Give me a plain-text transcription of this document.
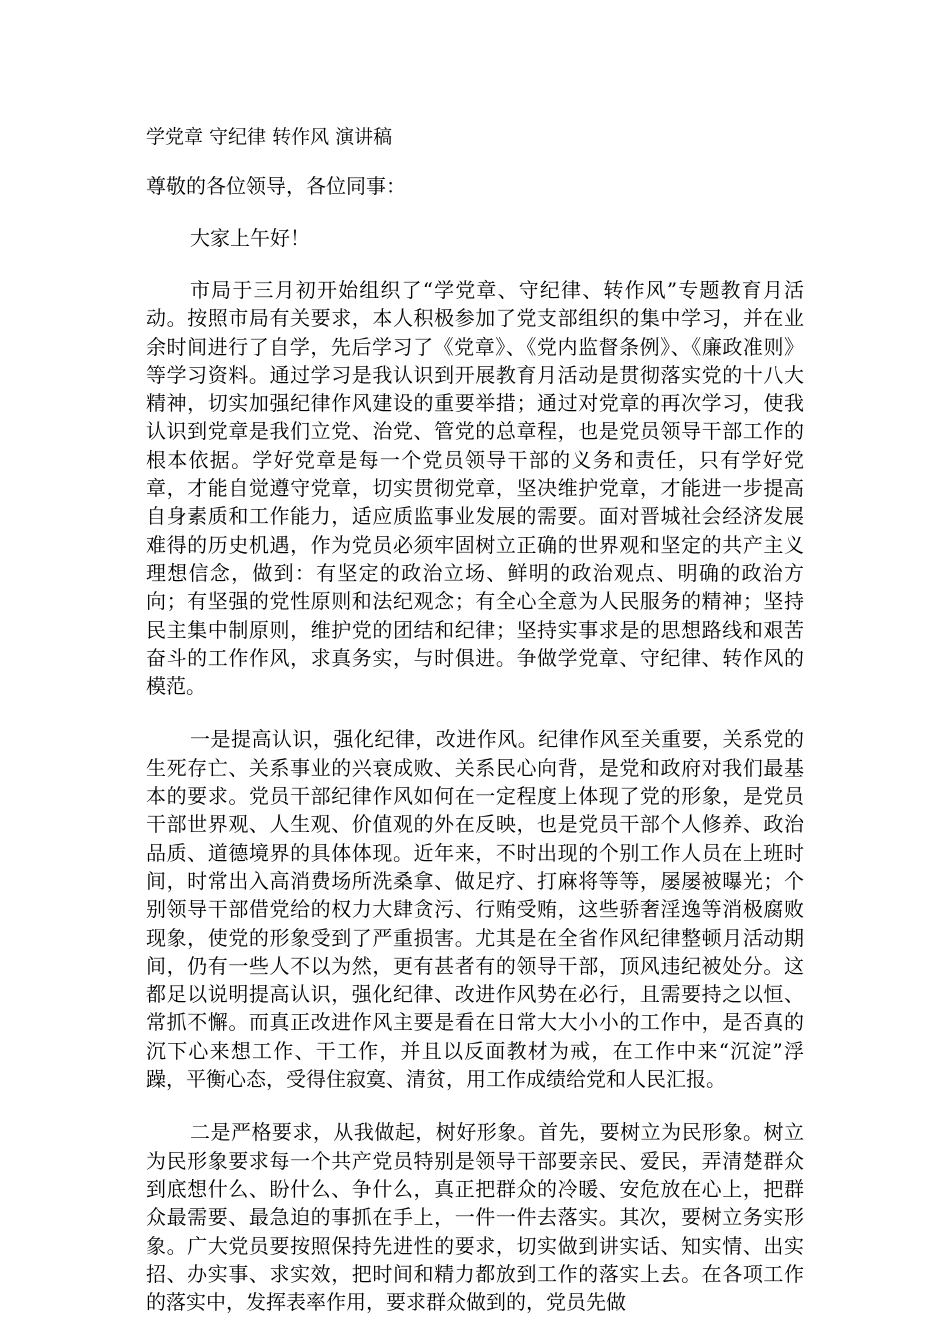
学党章 守纪律 转作风 演讲稿
尊敬的各位领导，各位同事：
大家上午好！
市局于三月初开始组织了“学党章、守纪律、转作风”专题教育月活动。按照市局有关要求，本人积极参加了党支部组织的集中学习，并在业余时间进行了自学，先后学习了《党章》、《党内监督条例》、《廉政准则》等学习资料。通过学习是我认识到开展教育月活动是贯彻落实党的十八大精神，切实加强纪律作风建设的重要举措；通过对党章的再次学习，使我认识到党章是我们立党、治党、管党的总章程，也是党员领导干部工作的根本依据。学好党章是每一个党员领导干部的义务和责任，只有学好党章，才能自觉遵守党章，切实贯彻党章，坚决维护党章，才能进一步提高自身素质和工作能力，适应质监事业发展的需要。面对晋城社会经济发展难得的历史机遇，作为党员必须牢固树立正确的世界观和坚定的共产主义理想信念，做到：有坚定的政治立场、鲜明的政治观点、明确的政治方向；有坚强的党性原则和法纪观念；有全心全意为人民服务的精神；坚持民主集中制原则，维护党的团结和纪律；坚持实事求是的思想路线和艰苦奋斗的工作作风，求真务实，与时俱进。争做学党章、守纪律、转作风的模范。
一是提高认识，强化纪律，改进作风。纪律作风至关重要，关系党的生死存亡、关系事业的兴衰成败、关系民心向背，是党和政府对我们最基本的要求。党员干部纪律作风如何在一定程度上体现了党的形象，是党员干部世界观、人生观、价值观的外在反映，也是党员干部个人修养、政治品质、道德境界的具体体现。近年来，不时出现的个别工作人员在上班时间，时常出入高消费场所洗桑拿、做足疗、打麻将等等，屡屡被曝光；个别领导干部借党给的权力大肆贪污、行贿受贿，这些骄奢淫逸等消极腐败现象，使党的形象受到了严重损害。尤其是在全省作风纪律整顿月活动期间，仍有一些人不以为然，更有甚者有的领导干部，顶风违纪被处分。这都足以说明提高认识，强化纪律、改进作风势在必行，且需要持之以恒、常抓不懈。而真正改进作风主要是看在日常大大小小的工作中，是否真的沉下心来想工作、干工作，并且以反面教材为戒，在工作中来“沉淀”浮躁，平衡心态，受得住寂寞、清贫，用工作成绩给党和人民汇报。
二是严格要求，从我做起，树好形象。首先，要树立为民形象。树立为民形象要求每一个共产党员特别是领导干部要亲民、爱民，弄清楚群众到底想什么、盼什么、争什么，真正把群众的冷暖、安危放在心上，把群众最需要、最急迫的事抓在手上，一件一件去落实。其次，要树立务实形象。广大党员要按照保持先进性的要求，切实做到讲实话、知实情、出实招、办实事、求实效，把时间和精力都放到工作的落实上去。在各项工作的落实中，发挥表率作用，要求群众做到的，党员先做
